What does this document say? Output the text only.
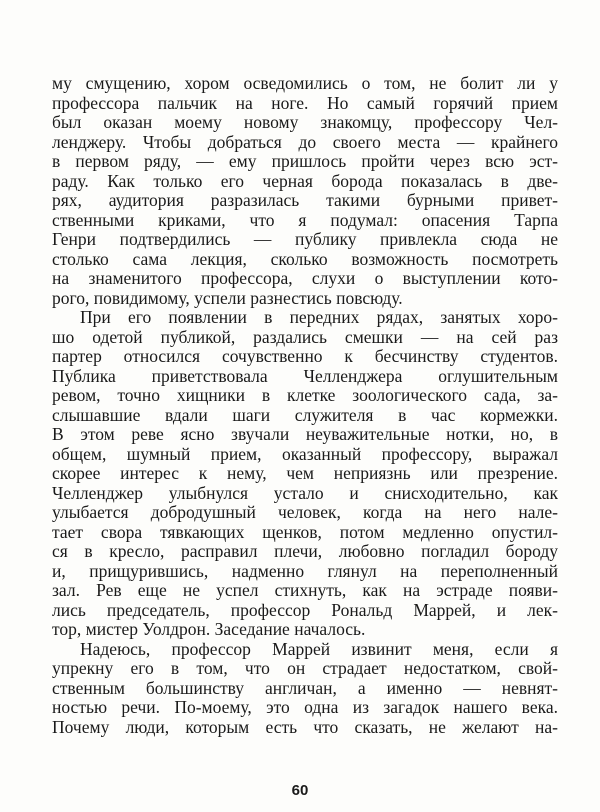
му смущению, хором осведомились о том, не болит ли у
профессора пальчик на ноге. Но самый горячий прием
был оказан моему новому знакомцу, профессору Чел-
ленджеру. Чтобы добраться до своего места — крайнего
в первом ряду, — ему пришлось пройти через всю эст-
раду. Как только его черная борода показалась в две-
рях, аудитория разразилась такими бурными привет-
ственными криками, что я подумал: опасения Тарпа
Генри подтвердились — публику привлекла сюда не
столько сама лекция, сколько возможность посмотреть
на знаменитого профессора, слухи о выступлении кото-
рого, повидимому, успели разнестись повсюду.
При его появлении в передних рядах, занятых хоро-
шо одетой публикой, раздались смешки — на сей раз
партер относился сочувственно к бесчинству студентов.
Публика приветствовала Челленджера оглушительным
ревом, точно хищники в клетке зоологического сада, за-
слышавшие вдали шаги служителя в час кормежки.
В этом реве ясно звучали неуважительные нотки, но, в
общем, шумный прием, оказанный профессору, выражал
скорее интерес к нему, чем неприязнь или презрение.
Челленджер улыбнулся устало и снисходительно, как
улыбается добродушный человек, когда на него нале-
тает свора тявкающих щенков, потом медленно опустил-
ся в кресло, расправил плечи, любовно погладил бороду
и, прищурившись, надменно глянул на переполненный
зал. Рев еще не успел стихнуть, как на эстраде появи-
лись председатель, профессор Рональд Маррей, и лек-
тор, мистер Уолдрон. Заседание началось.
Надеюсь, профессор Маррей извинит меня, если я
упрекну его в том, что он страдает недостатком, свой-
ственным большинству англичан, а именно — невнят-
ностью речи. По-моему, это одна из загадок нашего века.
Почему люди, которым есть что сказать, не желают на-
60
